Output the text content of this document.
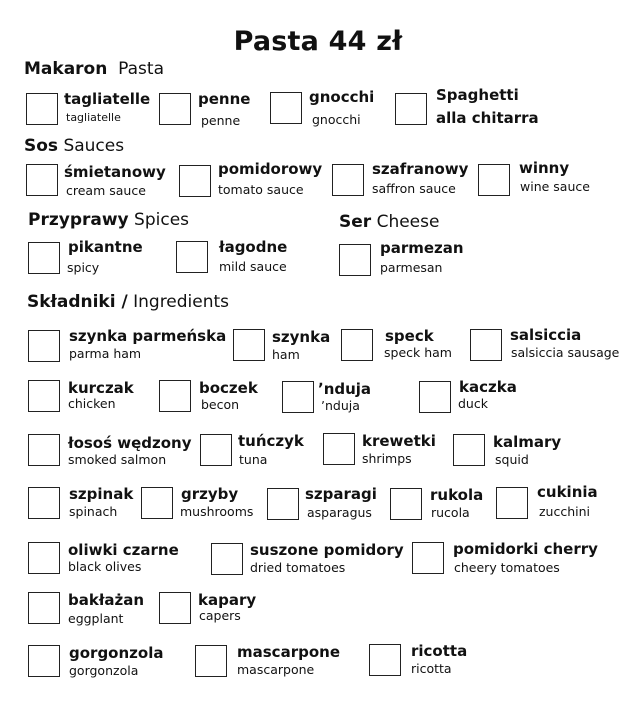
Pasta 44 zł
Makaron Pasta
Sos Sauces
Przyprawy Spices	Ser Cheese
Składniki / Ingredients
tagliatelle
tagliatelle
penne
penne
gnocchi
gnocchi
Spaghetti
alla chitarra
śmietanowy
cream sauce
pomidorowy
tomato sauce
szafranowy
saffron sauce
winny
wine sauce
pikantne
spicy
łagodne
mild sauce
parmezan
parmesan
szynka parmeńska
parma ham
szynka
ham
speck
speck ham
salsiccia
salsiccia sausage
kurczak
chicken
boczek
becon
ʼnduja
ʼnduja
kaczka
duck
łosoś wędzony
smoked salmon
tuńczyk
tuna
krewetki
shrimps
kalmary
squid
szpinak
spinach
grzyby
mushrooms
szparagi
asparagus
rukola
rucola
cukinia
zucchini
oliwki czarne
black olives
suszone pomidory
dried tomatoes
pomidorki cherry
cheery tomatoes
bakłażan
eggplant
kapary
capers
gorgonzola
gorgonzola
mascarpone
mascarpone
ricotta
ricotta
